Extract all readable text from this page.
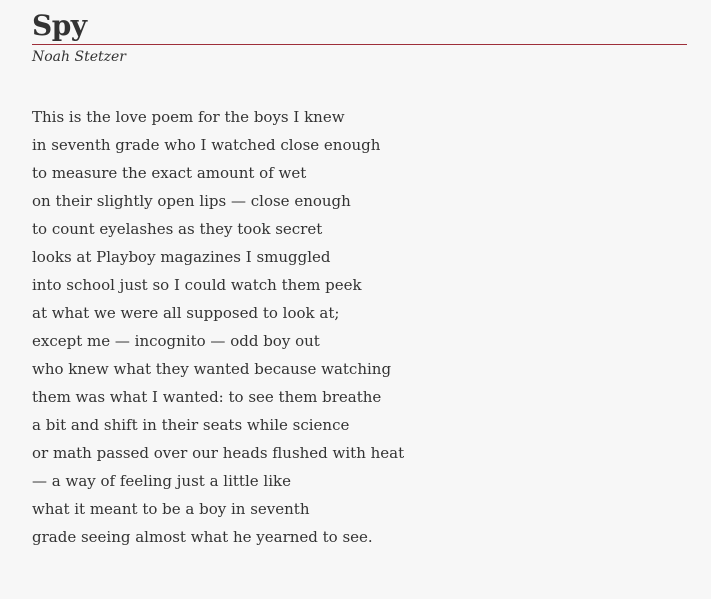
Spy
Noah Stetzer
This is the love poem for the boys I knew
in seventh grade who I watched close enough
to measure the exact amount of wet
on their slightly open lips — close enough
to count eyelashes as they took secret
looks at Playboy magazines I smuggled
into school just so I could watch them peek
at what we were all supposed to look at;
except me — incognito — odd boy out
who knew what they wanted because watching
them was what I wanted: to see them breathe
a bit and shift in their seats while science
or math passed over our heads flushed with heat
— a way of feeling just a little like
what it meant to be a boy in seventh
grade seeing almost what he yearned to see.
